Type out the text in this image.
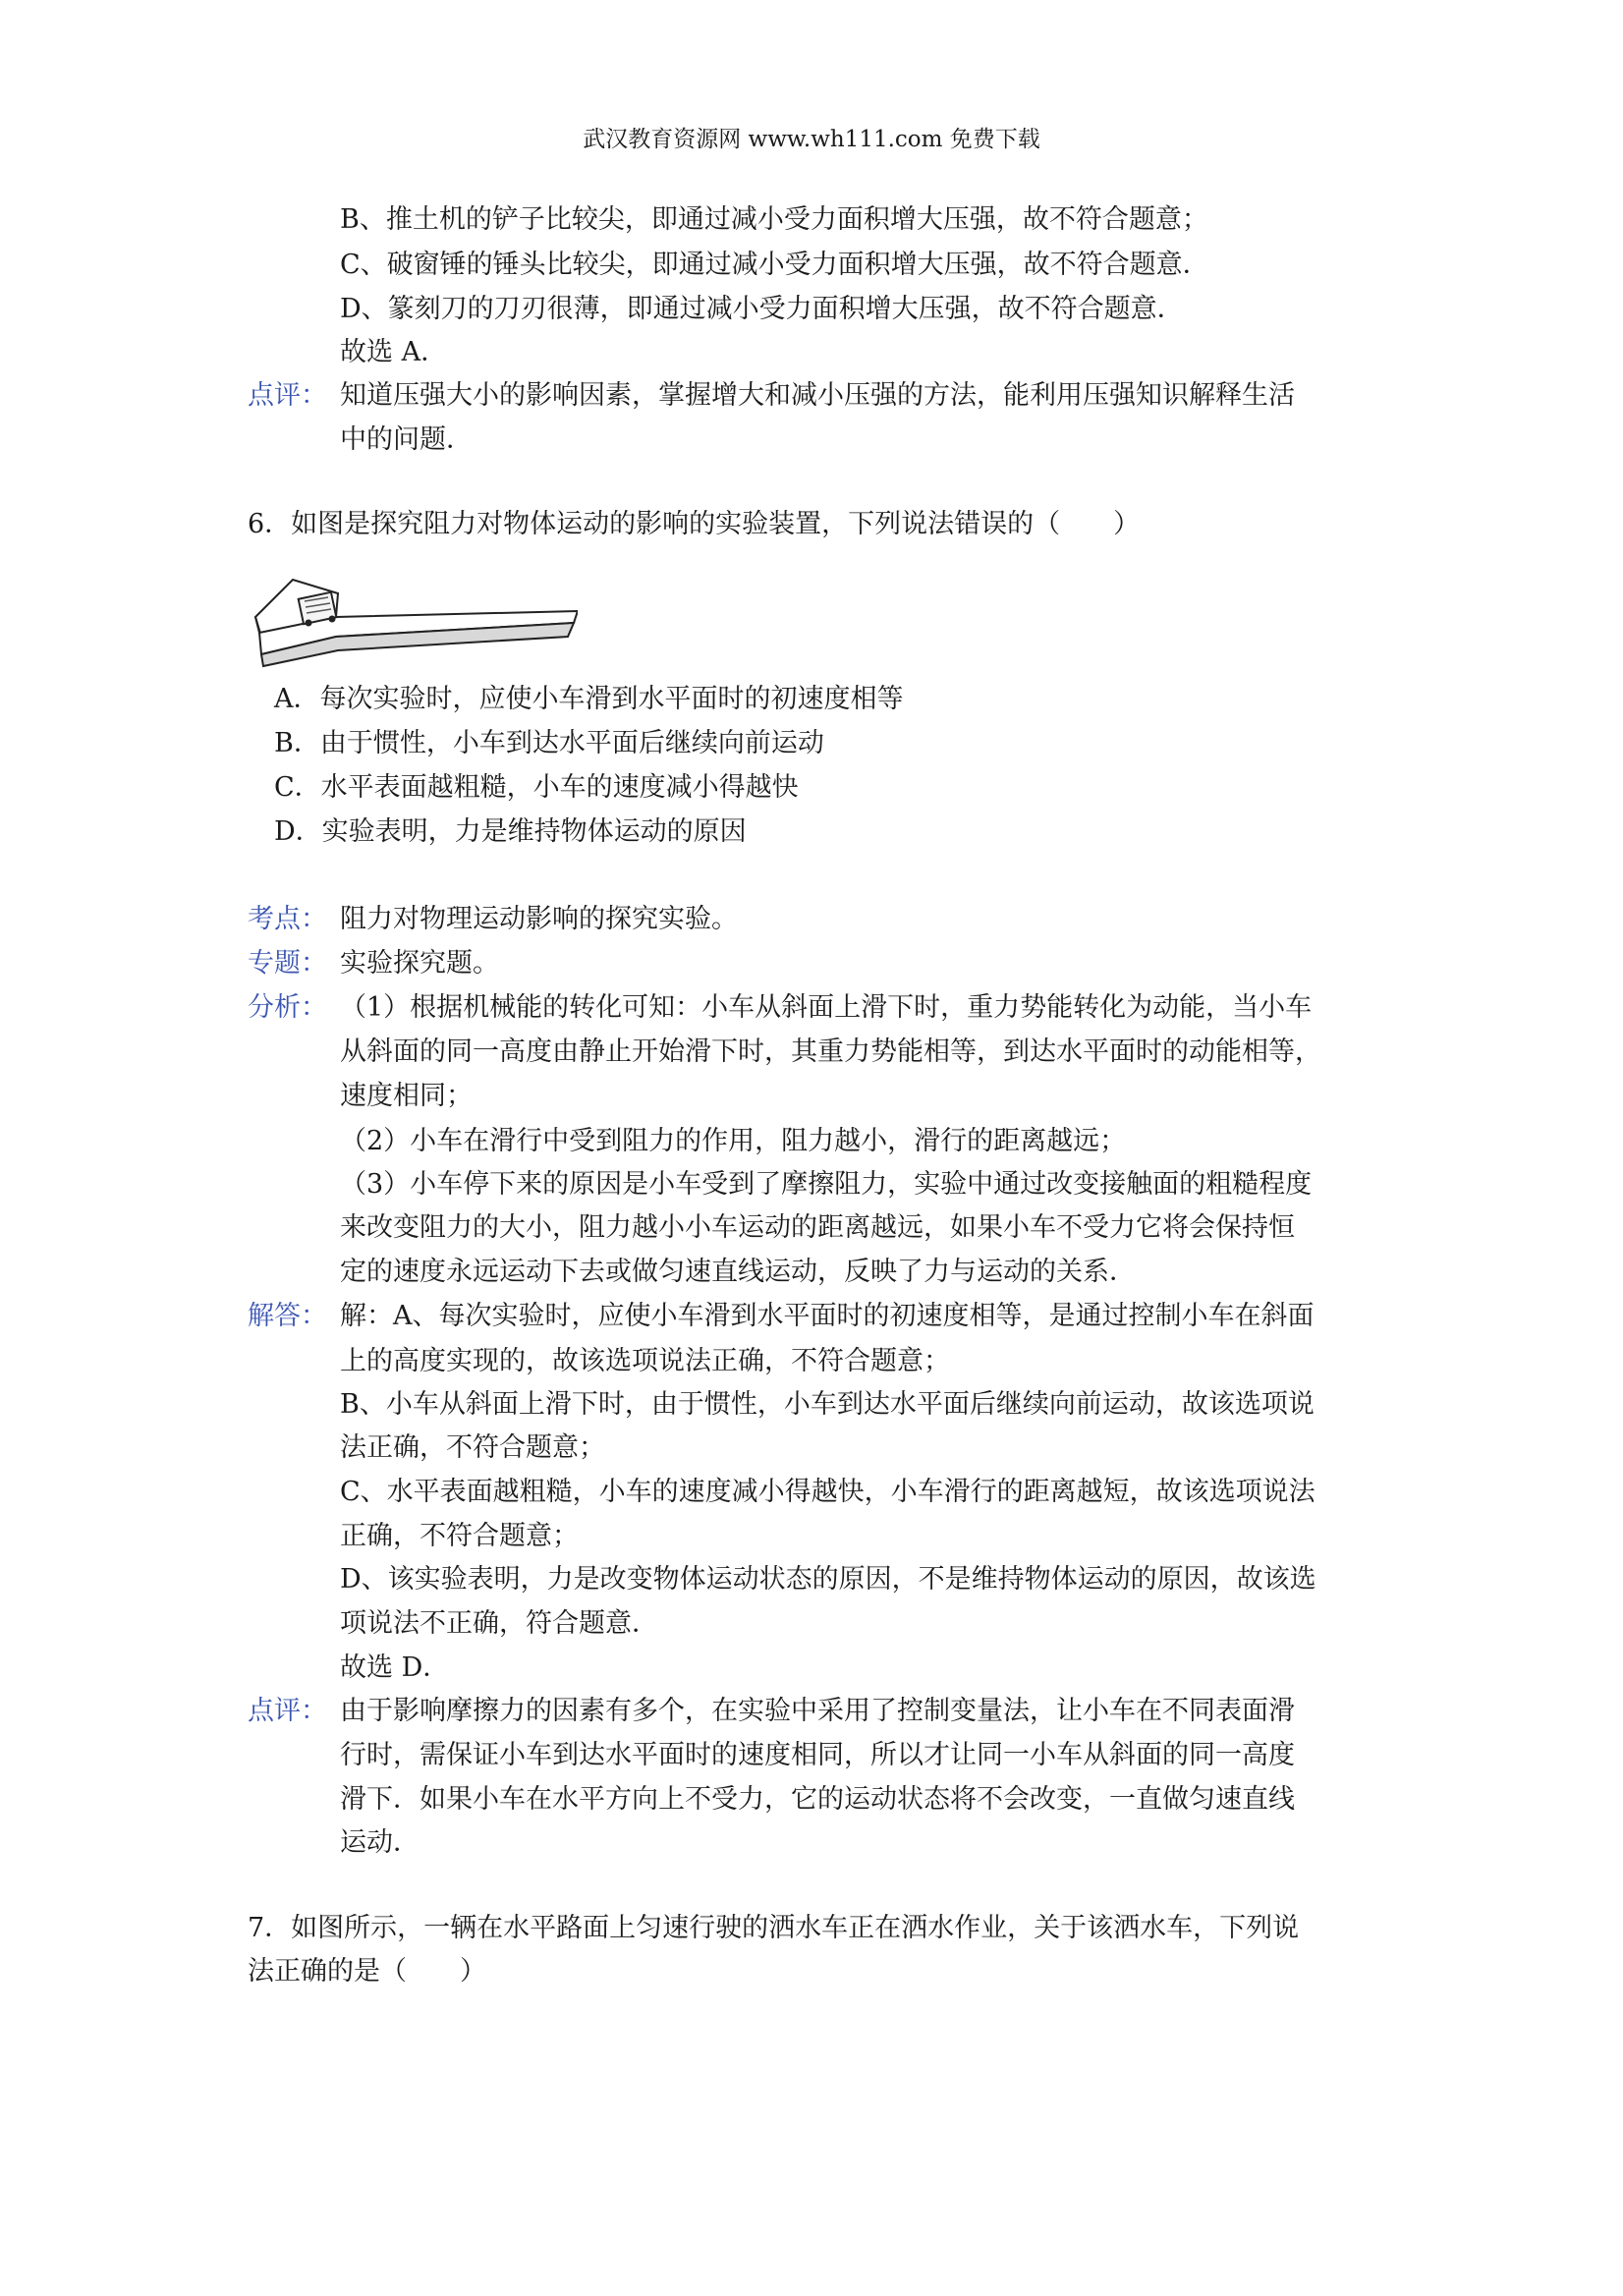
武汉教育资源网 www.wh111.com 免费下载
B、推土机的铲子比较尖，即通过减小受力面积增大压强，故不符合题意；
C、破窗锤的锤头比较尖，即通过减小受力面积增大压强，故不符合题意．
D、篆刻刀的刀刃很薄，即通过减小受力面积增大压强，故不符合题意．
故选 A．
点评： 知道压强大小的影响因素，掌握增大和减小压强的方法，能利用压强知识解释生活
中的问题．
6．如图是探究阻力对物体运动的影响的实验装置，下列说法错误的（　　）
A．每次实验时，应使小车滑到水平面时的初速度相等
B．由于惯性，小车到达水平面后继续向前运动
C．水平表面越粗糙，小车的速度减小得越快
D．实验表明，力是维持物体运动的原因
考点： 阻力对物理运动影响的探究实验。
专题： 实验探究题。
分析： （1）根据机械能的转化可知：小车从斜面上滑下时，重力势能转化为动能，当小车
从斜面的同一高度由静止开始滑下时，其重力势能相等，到达水平面时的动能相等，
速度相同；
（2）小车在滑行中受到阻力的作用，阻力越小，滑行的距离越远；
（3）小车停下来的原因是小车受到了摩擦阻力，实验中通过改变接触面的粗糙程度
来改变阻力的大小，阻力越小小车运动的距离越远，如果小车不受力它将会保持恒
定的速度永远运动下去或做匀速直线运动，反映了力与运动的关系．
解答： 解：A、每次实验时，应使小车滑到水平面时的初速度相等，是通过控制小车在斜面
上的高度实现的，故该选项说法正确，不符合题意；
B、小车从斜面上滑下时，由于惯性，小车到达水平面后继续向前运动，故该选项说
法正确，不符合题意；
C、水平表面越粗糙，小车的速度减小得越快，小车滑行的距离越短，故该选项说法
正确，不符合题意；
D、该实验表明，力是改变物体运动状态的原因，不是维持物体运动的原因，故该选
项说法不正确，符合题意．
故选 D．
点评： 由于影响摩擦力的因素有多个，在实验中采用了控制变量法，让小车在不同表面滑
行时，需保证小车到达水平面时的速度相同，所以才让同一小车从斜面的同一高度
滑下．如果小车在水平方向上不受力，它的运动状态将不会改变，一直做匀速直线
运动．
7．如图所示，一辆在水平路面上匀速行驶的洒水车正在洒水作业，关于该洒水车，下列说
法正确的是（　　）
